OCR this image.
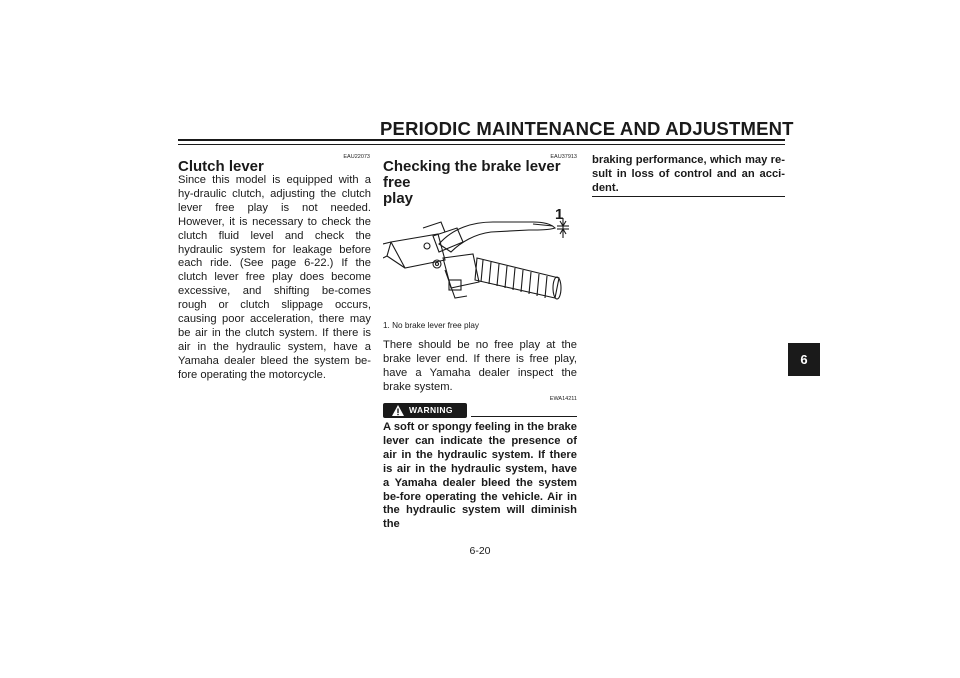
PERIODIC MAINTENANCE AND ADJUSTMENT
EAU22073
Clutch lever
Since this model is equipped with a hy-draulic clutch, adjusting the clutch lever free play is not needed. However, it is necessary to check the clutch fluid level and check the hydraulic system for leakage before each ride. (See page 6-22.) If the clutch lever free play does become excessive, and shifting be-comes rough or clutch slippage occurs, causing poor acceleration, there may be air in the clutch system. If there is air in the hydraulic system, have a Yamaha dealer bleed the system be-fore operating the motorcycle.
EAU37913
Checking the brake lever free
play
1
1. No brake lever free play
There should be no free play at the brake lever end. If there is free play, have a Yamaha dealer inspect the brake system.
EWA14211
WARNING
A soft or spongy feeling in the brake lever can indicate the presence of air in the hydraulic system. If there is air in the hydraulic system, have a Yamaha dealer bleed the system be-fore operating the vehicle. Air in the hydraulic system will diminish the
braking performance, which may re-sult in loss of control and an acci-dent.
6
6-20
